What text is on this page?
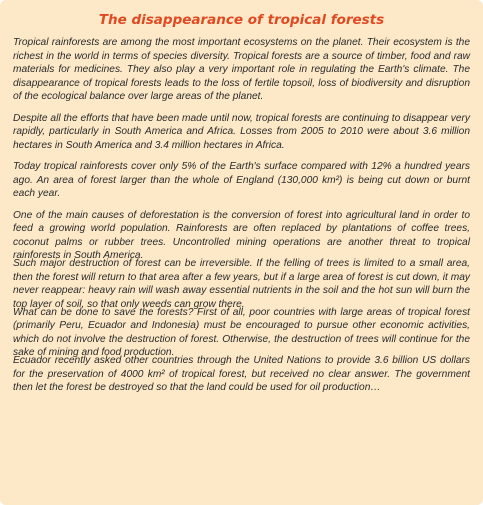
The disappearance of tropical forests

Tropical rainforests are among the most important ecosystems on the planet. Their ecosystem is the richest in the world in terms of species diversity. Tropical forests are a source of timber, food and raw materials for medicines. They also play a very important role in regulating the Earth's climate. The disappearance of tropical forests leads to the loss of fertile topsoil, loss of biodiversity and disruption of the ecological balance over large areas of the planet.

Despite all the efforts that have been made until now, tropical forests are continuing to disappear very rapidly, particularly in South America and Africa. Losses from 2005 to 2010 were about 3.6 million hectares in South America and 3.4 million hectares in Africa.

Today tropical rainforests cover only 5% of the Earth's surface compared with 12% a hundred years ago. An area of forest larger than the whole of England (130,000 km²) is being cut down or burnt each year.

One of the main causes of deforestation is the conversion of forest into agricultural land in order to feed a growing world population. Rainforests are often replaced by plantations of coffee trees, coconut palms or rubber trees. Uncontrolled mining operations are another threat to tropical rainforests in South America.

Such major destruction of forest can be irreversible. If the felling of trees is limited to a small area, then the forest will return to that area after a few years, but if a large area of forest is cut down, it may never reappear: heavy rain will wash away essential nutrients in the soil and the hot sun will burn the top layer of soil, so that only weeds can grow there.

What can be done to save the forests? First of all, poor countries with large areas of tropical forest (primarily Peru, Ecuador and Indonesia) must be encouraged to pursue other economic activities, which do not involve the destruction of forest. Otherwise, the destruction of trees will continue for the sake of mining and food production.

Ecuador recently asked other countries through the United Nations to provide 3.6 billion US dollars for the preservation of 4000 km² of tropical forest, but received no clear answer. The government then let the forest be destroyed so that the land could be used for oil production…
